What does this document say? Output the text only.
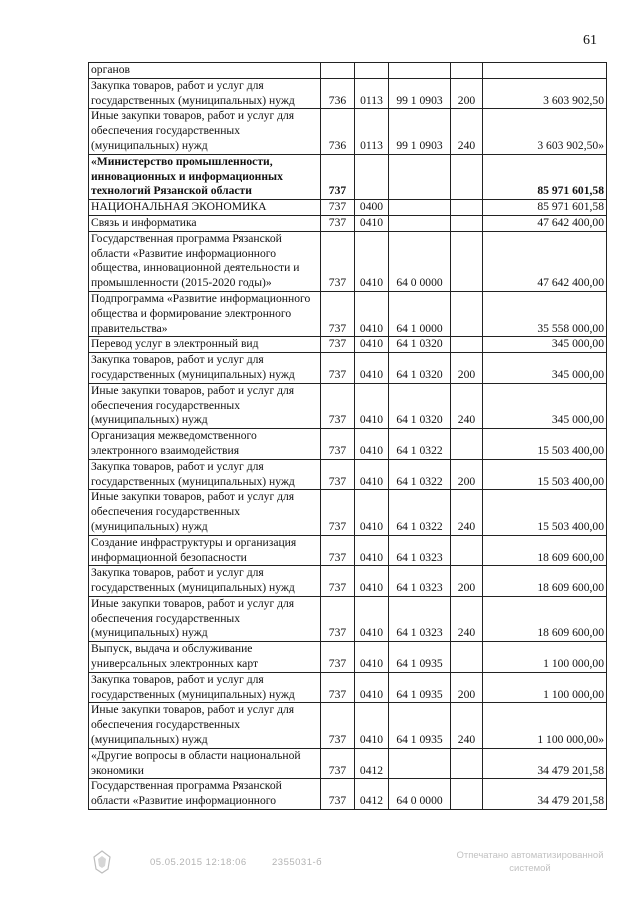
61
органов					
Закупка товаров, работ и услуг для государственных (муниципальных) нужд	736	0113	99 1 0903	200	3 603 902,50
Иные закупки товаров, работ и услуг для обеспечения государственных (муниципальных) нужд	736	0113	99 1 0903	240	3 603 902,50»
«Министерство промышленности, инновационных и информационных технологий Рязанской области	737				85 971 601,58
НАЦИОНАЛЬНАЯ ЭКОНОМИКА	737	0400			85 971 601,58
Связь и информатика	737	0410			47 642 400,00
Государственная программа Рязанской области «Развитие информационного общества, инновационной деятельности и промышленности (2015-2020 годы)»	737	0410	64 0 0000		47 642 400,00
Подпрограмма «Развитие информационного общества и формирование электронного правительства»	737	0410	64 1 0000		35 558 000,00
Перевод услуг в электронный вид	737	0410	64 1 0320		345 000,00
Закупка товаров, работ и услуг для государственных (муниципальных) нужд	737	0410	64 1 0320	200	345 000,00
Иные закупки товаров, работ и услуг для обеспечения государственных (муниципальных) нужд	737	0410	64 1 0320	240	345 000,00
Организация межведомственного электронного взаимодействия	737	0410	64 1 0322		15 503 400,00
Закупка товаров, работ и услуг для государственных (муниципальных) нужд	737	0410	64 1 0322	200	15 503 400,00
Иные закупки товаров, работ и услуг для обеспечения государственных (муниципальных) нужд	737	0410	64 1 0322	240	15 503 400,00
Создание инфраструктуры и организация информационной безопасности	737	0410	64 1 0323		18 609 600,00
Закупка товаров, работ и услуг для государственных (муниципальных) нужд	737	0410	64 1 0323	200	18 609 600,00
Иные закупки товаров, работ и услуг для обеспечения государственных (муниципальных) нужд	737	0410	64 1 0323	240	18 609 600,00
Выпуск, выдача и обслуживание универсальных электронных карт	737	0410	64 1 0935		1 100 000,00
Закупка товаров, работ и услуг для государственных (муниципальных) нужд	737	0410	64 1 0935	200	1 100 000,00
Иные закупки товаров, работ и услуг для обеспечения государственных (муниципальных) нужд	737	0410	64 1 0935	240	1 100 000,00»
«Другие вопросы в области национальной экономики	737	0412			34 479 201,58
Государственная программа Рязанской области «Развитие информационного	737	0412	64 0 0000		34 479 201,58
05.05.2015 12:18:06	2355031-б
Отпечатано автоматизированной
системой
